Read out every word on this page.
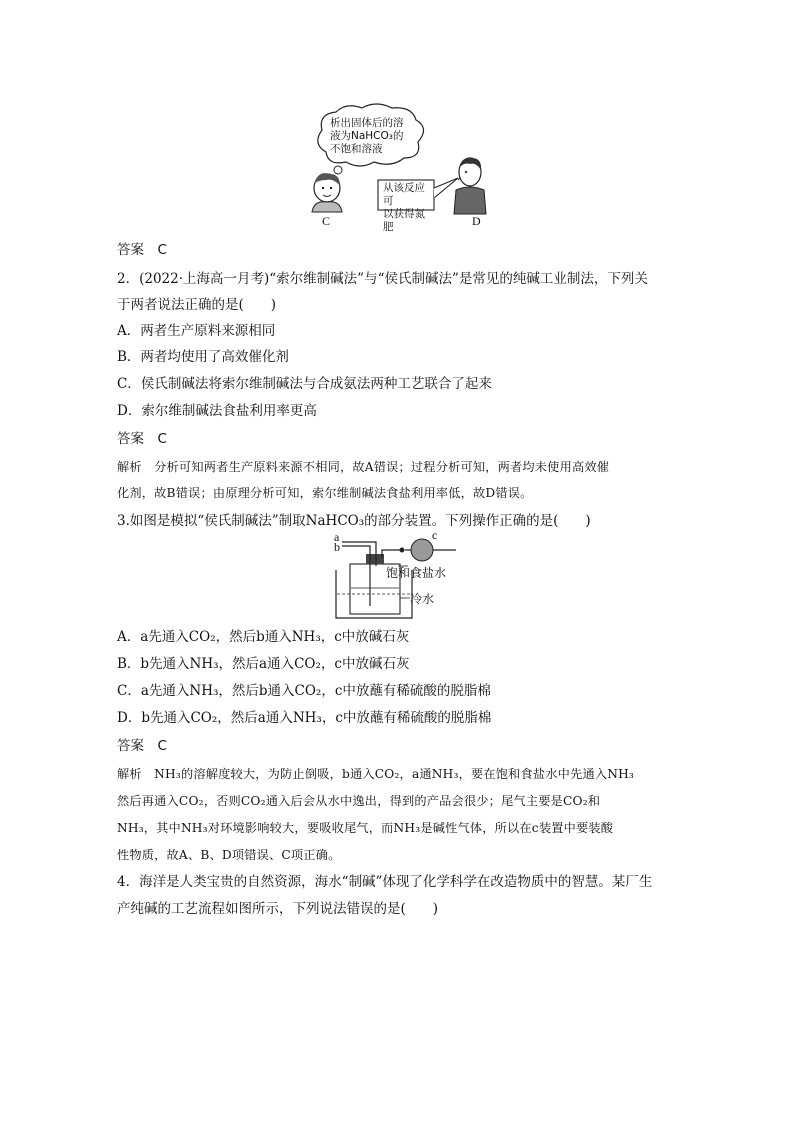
析出固体后的溶
液为NaHCO₃的
不饱和溶液
从该反应可
以获得氮肥
C	D
答案　C
2．(2022·上海高一月考)“索尔维制碱法”与“侯氏制碱法”是常见的纯碱工业制法，下列关
于两者说法正确的是(　　)
A．两者生产原料来源相同
B．两者均使用了高效催化剂
C．侯氏制碱法将索尔维制碱法与合成氨法两种工艺联合了起来
D．索尔维制碱法食盐利用率更高
答案　C
解析　分析可知两者生产原料来源不相同，故A错误；过程分析可知，两者均未使用高效催
化剂，故B错误；由原理分析可知，索尔维制碱法食盐利用率低，故D错误。
3.如图是模拟“侯氏制碱法”制取NaHCO₃的部分装置。下列操作正确的是(　　)
a
b
c
饱和食盐水
冷水
A．a先通入CO₂，然后b通入NH₃，c中放碱石灰
B．b先通入NH₃，然后a通入CO₂，c中放碱石灰
C．a先通入NH₃，然后b通入CO₂，c中放蘸有稀硫酸的脱脂棉
D．b先通入CO₂，然后a通入NH₃，c中放蘸有稀硫酸的脱脂棉
答案　C
解析　NH₃的溶解度较大，为防止倒吸，b通入CO₂，a通NH₃，要在饱和食盐水中先通入NH₃
然后再通入CO₂，否则CO₂通入后会从水中逸出，得到的产品会很少；尾气主要是CO₂和
NH₃，其中NH₃对环境影响较大，要吸收尾气，而NH₃是碱性气体，所以在c装置中要装酸
性物质，故A、B、D项错误、C项正确。
4．海洋是人类宝贵的自然资源，海水“制碱”体现了化学科学在改造物质中的智慧。某厂生
产纯碱的工艺流程如图所示，下列说法错误的是(　　)
